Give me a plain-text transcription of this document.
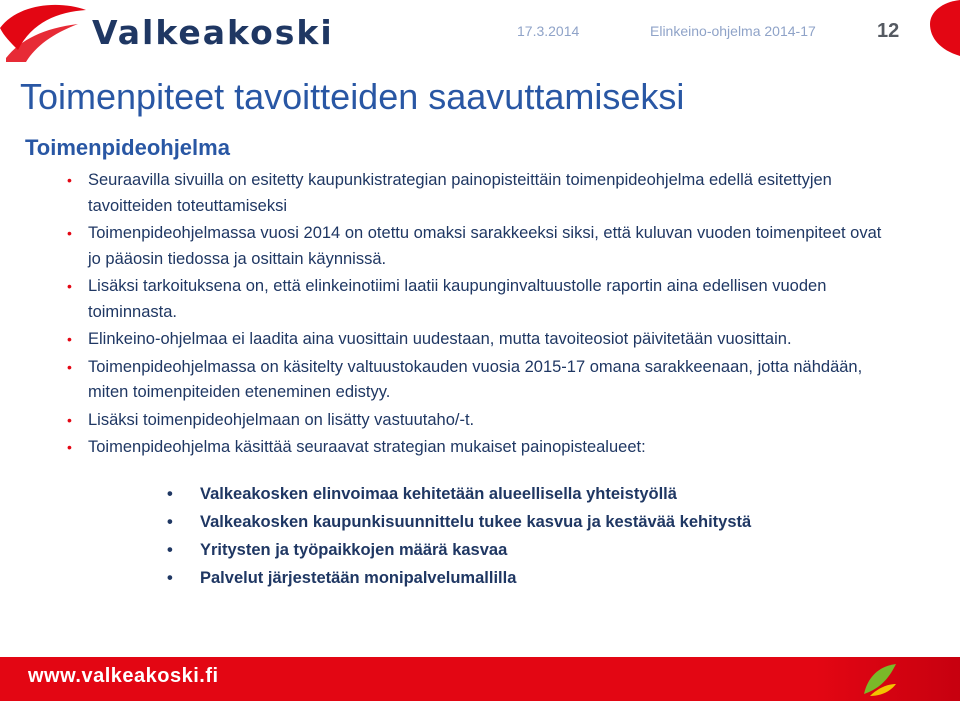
Valkeakoski	17.3.2014	Elinkeino-ohjelma 2014-17	12
Toimenpiteet tavoitteiden saavuttamiseksi
Toimenpideohjelma
• Seuraavilla sivuilla on esitetty kaupunkistrategian painopisteittäin toimenpideohjelma edellä esitettyjen tavoitteiden toteuttamiseksi
• Toimenpideohjelmassa vuosi 2014 on otettu omaksi sarakkeeksi siksi, että kuluvan vuoden toimenpiteet ovat jo pääosin tiedossa ja osittain käynnissä.
• Lisäksi tarkoituksena on, että elinkeinotiimi laatii kaupunginvaltuustolle raportin aina edellisen vuoden toiminnasta.
• Elinkeino-ohjelmaa ei laadita aina vuosittain uudestaan, mutta tavoiteosiot päivitetään vuosittain.
• Toimenpideohjelmassa on käsitelty valtuustokauden vuosia 2015-17 omana sarakkeenaan, jotta nähdään, miten toimenpiteiden eteneminen edistyy.
• Lisäksi toimenpideohjelmaan on lisätty vastuutaho/-t.
• Toimenpideohjelma käsittää seuraavat strategian mukaiset painopistealueet:
• Valkeakosken elinvoimaa kehitetään alueellisella yhteistyöllä
• Valkeakosken kaupunkisuunnittelu tukee kasvua ja kestävää kehitystä
• Yritysten ja työpaikkojen määrä kasvaa
• Palvelut järjestetään monipalvelumallilla
www.valkeakoski.fi
